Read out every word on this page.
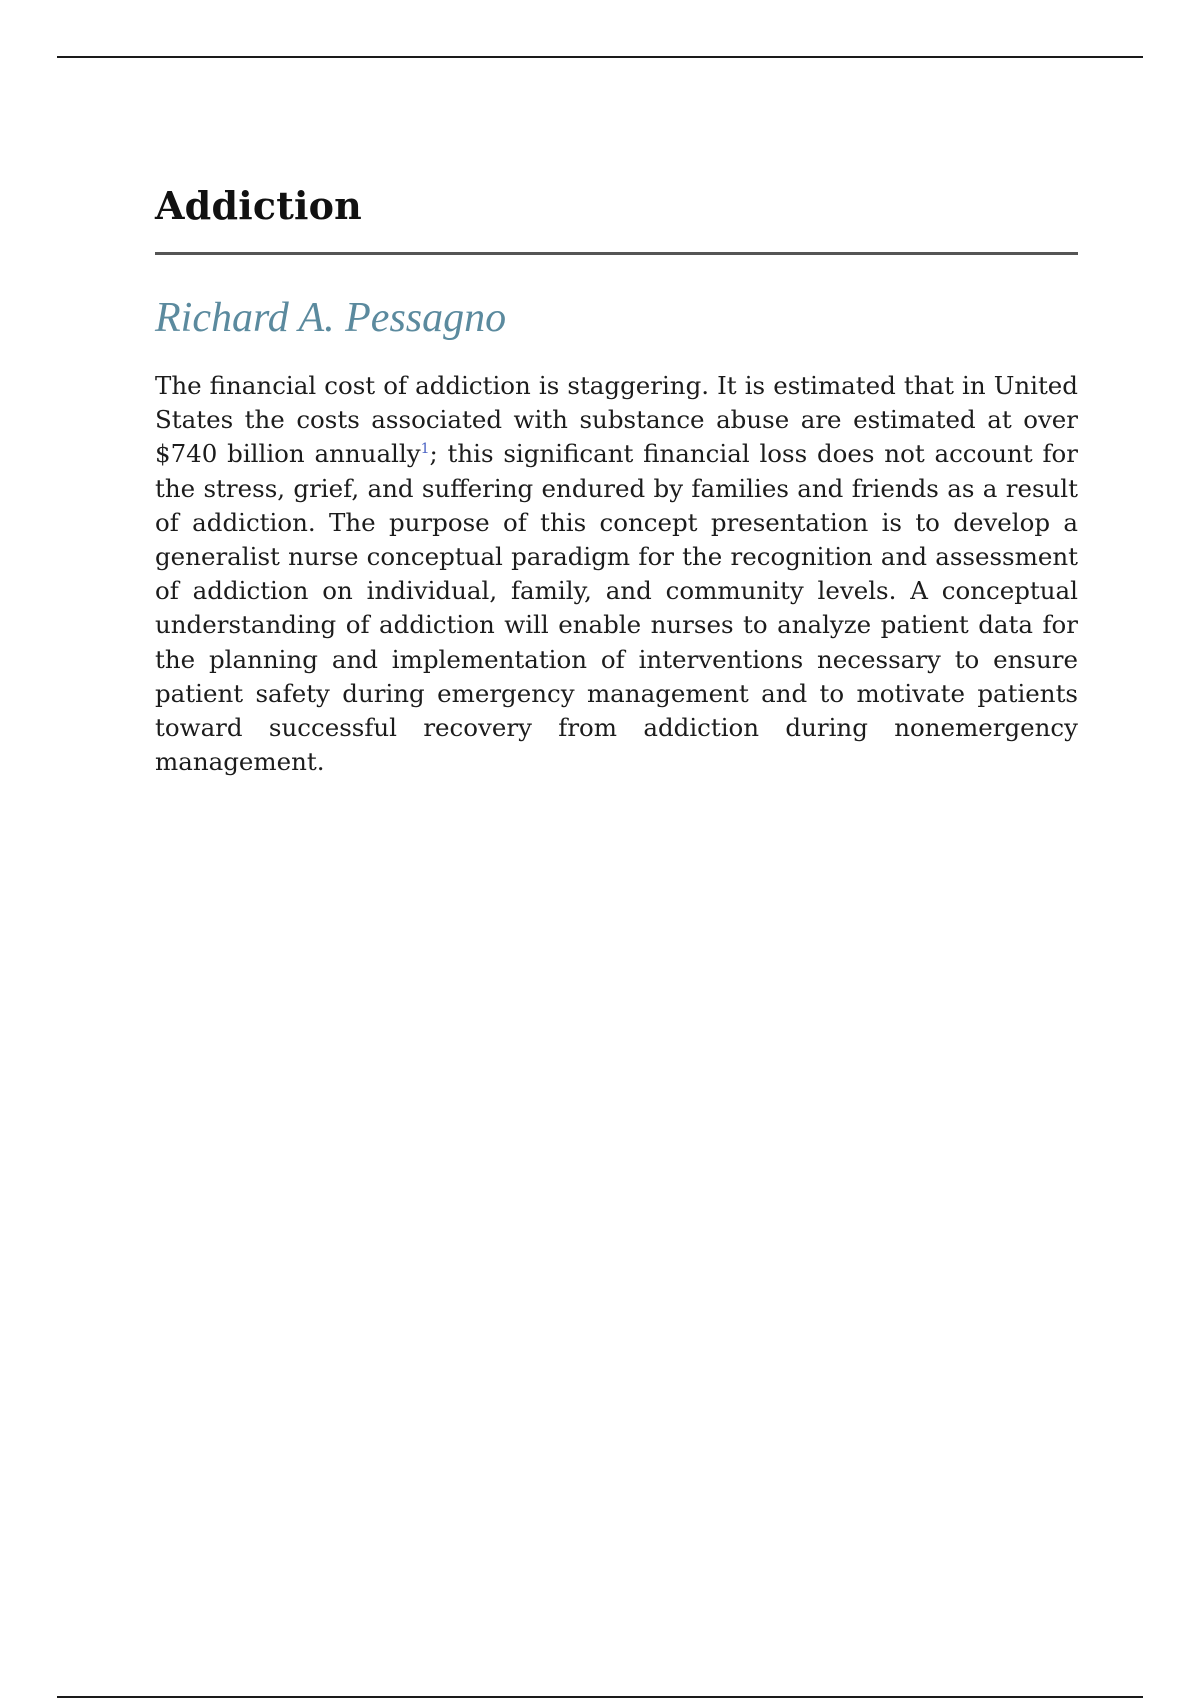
Addiction

Richard A. Pessagno

The financial cost of addiction is staggering. It is estimated that in United States the costs associated with substance abuse are estimated at over $740 billion annually$^1$; this significant financial loss does not account for the stress, grief, and suffering endured by families and friends as a result of addiction. The purpose of this concept presentation is to develop a generalist nurse conceptual paradigm for the recognition and assessment of addiction on individual, family, and community levels. A conceptual understanding of addiction will enable nurses to analyze patient data for the planning and implementation of interventions necessary to ensure patient safety during emergency management and to motivate patients toward successful recovery from addiction during nonemergency management.
